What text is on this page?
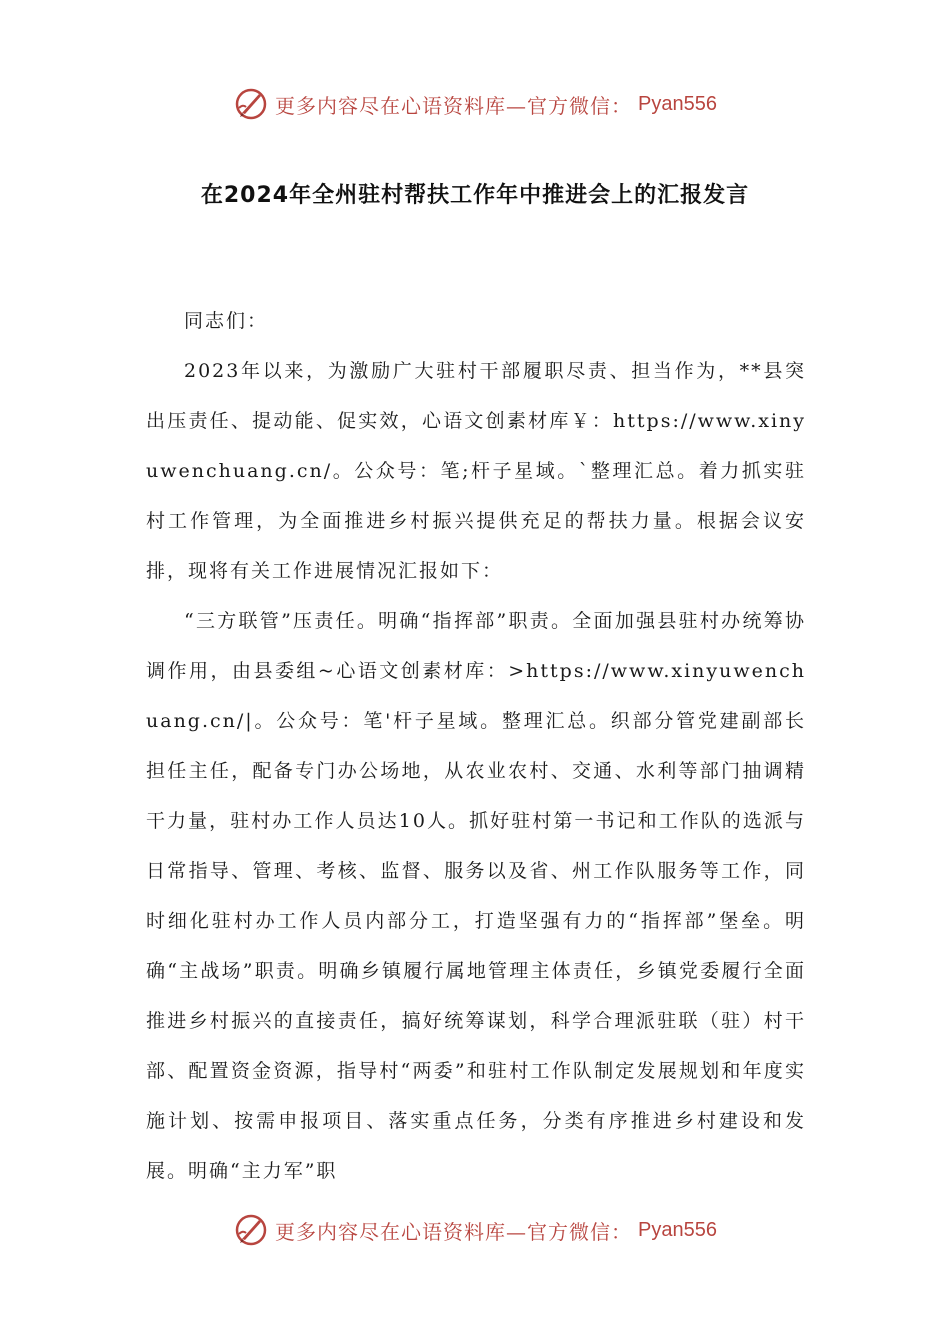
更多内容尽在心语资料库—官方微信： Pyan556
在2024年全州驻村帮扶工作年中推进会上的汇报发言

同志们：

2023年以来，为激励广大驻村干部履职尽责、担当作为，**县突出压责任、提动能、促实效，心语文创素材库￥：https://www.xinyuwenchuang.cn/。公众号：笔;杆子星域。`整理汇总。着力抓实驻村工作管理，为全面推进乡村振兴提供充足的帮扶力量。根据会议安排，现将有关工作进展情况汇报如下：

“三方联管”压责任。明确“指挥部”职责。全面加强县驻村办统筹协调作用，由县委组~心语文创素材库：>https://www.xinyuwenchuang.cn/|。公众号：笔'杆子星域。整理汇总。织部分管党建副部长担任主任，配备专门办公场地，从农业农村、交通、水利等部门抽调精干力量，驻村办工作人员达10人。抓好驻村第一书记和工作队的选派与日常指导、管理、考核、监督、服务以及省、州工作队服务等工作，同时细化驻村办工作人员内部分工，打造坚强有力的“指挥部”堡垒。明确“主战场”职责。明确乡镇履行属地管理主体责任，乡镇党委履行全面推进乡村振兴的直接责任，搞好统筹谋划，科学合理派驻联（驻）村干部、配置资金资源，指导村“两委”和驻村工作队制定发展规划和年度实施计划、按需申报项目、落实重点任务，分类有序推进乡村建设和发展。明确“主力军”职

更多内容尽在心语资料库—官方微信： Pyan556
